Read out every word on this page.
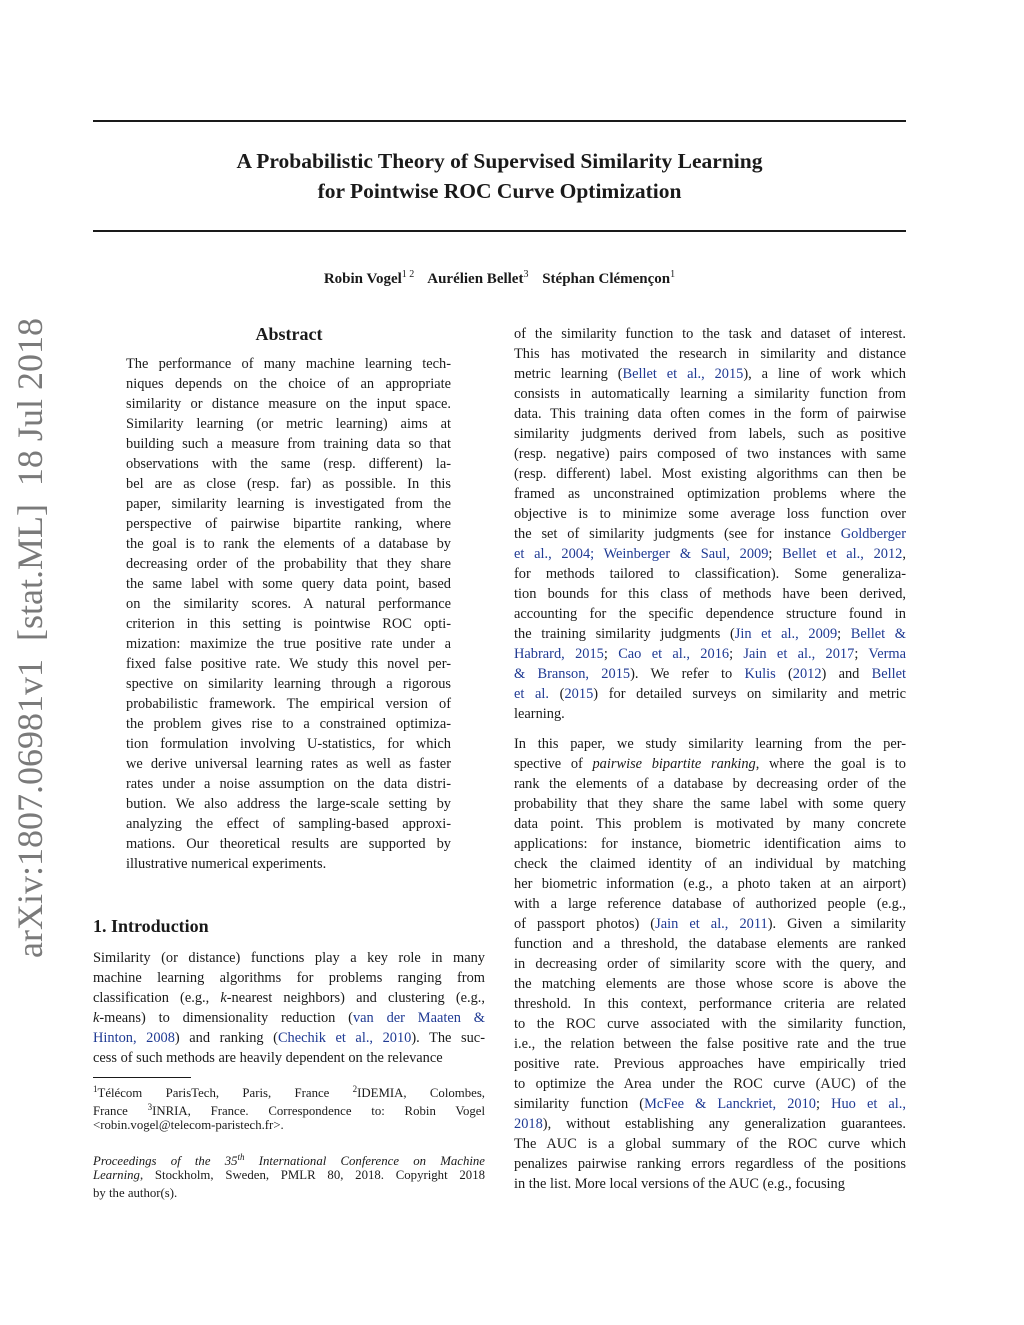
A Probabilistic Theory of Supervised Similarity Learning
for Pointwise ROC Curve Optimization
Robin Vogel$^{1 2}$ Aurélien Bellet$^3$ Stéphan Clémençon$^1$
arXiv:1807.06981v1  [stat.ML]  18 Jul 2018	Abstract
The performance of many machine learning tech-
niques depends on the choice of an appropriate
similarity or distance measure on the input space.
Similarity learning (or metric learning) aims at
building such a measure from training data so that
observations with the same (resp. different) la-
bel are as close (resp. far) as possible. In this
paper, similarity learning is investigated from the
perspective of pairwise bipartite ranking, where
the goal is to rank the elements of a database by
decreasing order of the probability that they share
the same label with some query data point, based
on the similarity scores. A natural performance
criterion in this setting is pointwise ROC opti-
mization: maximize the true positive rate under a
fixed false positive rate. We study this novel per-
spective on similarity learning through a rigorous
probabilistic framework. The empirical version of
the problem gives rise to a constrained optimiza-
tion formulation involving U-statistics, for which
we derive universal learning rates as well as faster
rates under a noise assumption on the data distri-
bution. We also address the large-scale setting by
analyzing the effect of sampling-based approxi-
mations. Our theoretical results are supported by
illustrative numerical experiments.
1. Introduction
Similarity (or distance) functions play a key role in many
machine learning algorithms for problems ranging from
classification (e.g., k-nearest neighbors) and clustering (e.g.,
k-means) to dimensionality reduction (van der Maaten &
Hinton, 2008) and ranking (Chechik et al., 2010). The suc-
cess of such methods are heavily dependent on the relevance
$^1$Télécom ParisTech, Paris, France $^2$IDEMIA, Colombes,
France $^3$INRIA, France. Correspondence to: Robin Vogel
<robin.vogel@telecom-paristech.fr>.
Proceedings of the 35th International Conference on Machine
Learning, Stockholm, Sweden, PMLR 80, 2018. Copyright 2018
by the author(s).
of the similarity function to the task and dataset of interest.
This has motivated the research in similarity and distance
metric learning (Bellet et al., 2015), a line of work which
consists in automatically learning a similarity function from
data. This training data often comes in the form of pairwise
similarity judgments derived from labels, such as positive
(resp. negative) pairs composed of two instances with same
(resp. different) label. Most existing algorithms can then be
framed as unconstrained optimization problems where the
objective is to minimize some average loss function over
the set of similarity judgments (see for instance Goldberger
et al., 2004; Weinberger & Saul, 2009; Bellet et al., 2012,
for methods tailored to classification). Some generaliza-
tion bounds for this class of methods have been derived,
accounting for the specific dependence structure found in
the training similarity judgments (Jin et al., 2009; Bellet &
Habrard, 2015; Cao et al., 2016; Jain et al., 2017; Verma
& Branson, 2015). We refer to Kulis (2012) and Bellet
et al. (2015) for detailed surveys on similarity and metric
learning.
In this paper, we study similarity learning from the per-
spective of pairwise bipartite ranking, where the goal is to
rank the elements of a database by decreasing order of the
probability that they share the same label with some query
data point. This problem is motivated by many concrete
applications: for instance, biometric identification aims to
check the claimed identity of an individual by matching
her biometric information (e.g., a photo taken at an airport)
with a large reference database of authorized people (e.g.,
of passport photos) (Jain et al., 2011). Given a similarity
function and a threshold, the database elements are ranked
in decreasing order of similarity score with the query, and
the matching elements are those whose score is above the
threshold. In this context, performance criteria are related
to the ROC curve associated with the similarity function,
i.e., the relation between the false positive rate and the true
positive rate. Previous approaches have empirically tried
to optimize the Area under the ROC curve (AUC) of the
similarity function (McFee & Lanckriet, 2010; Huo et al.,
2018), without establishing any generalization guarantees.
The AUC is a global summary of the ROC curve which
penalizes pairwise ranking errors regardless of the positions
in the list. More local versions of the AUC (e.g., focusing
